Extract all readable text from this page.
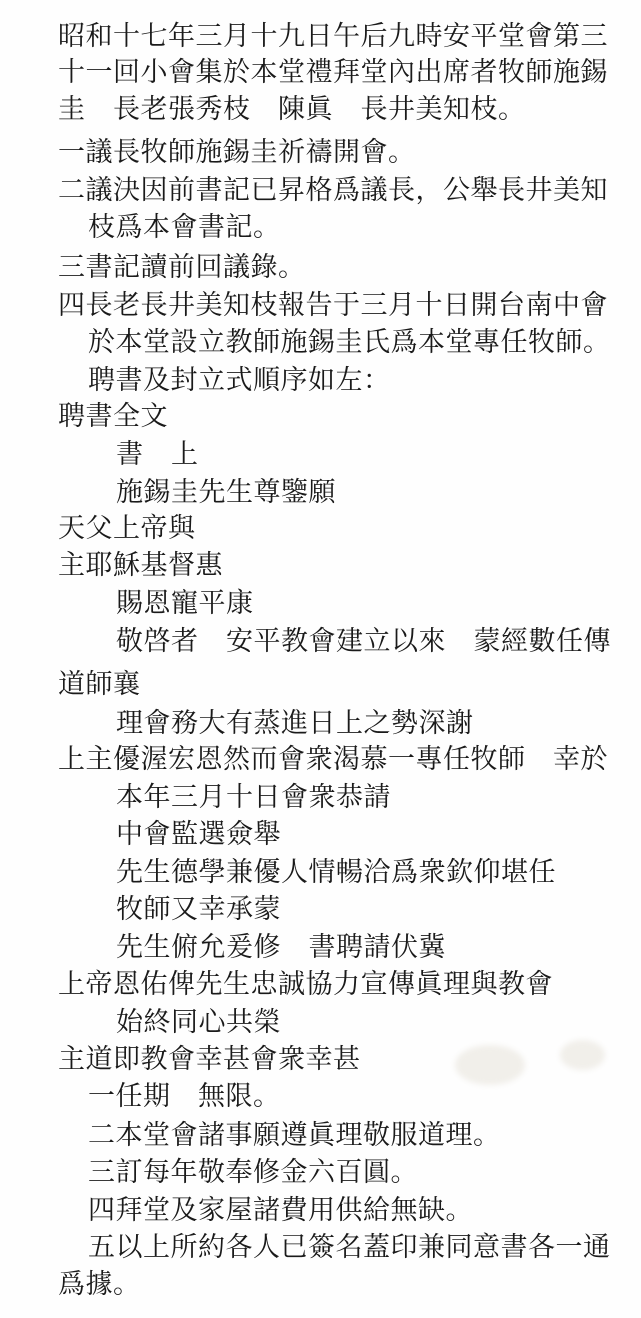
昭和十七年三月十九日午后九時安平堂會第三
十一回小會集於本堂禮拜堂內出席者牧師施錫
圭　長老張秀枝　陳眞　長井美知枝。
一議長牧師施錫圭祈禱開會。
二議決因前書記已昇格爲議長，公舉長井美知
枝爲本會書記。
三書記讀前回議錄。
四長老長井美知枝報告于三月十日開台南中會
於本堂設立教師施錫圭氏爲本堂專任牧師。
聘書及封立式順序如左：
聘書全文
書　上
施錫圭先生尊鑒願
天父上帝與
主耶穌基督惠
賜恩寵平康
敬啓者　安平教會建立以來　蒙經數任傳
道師襄
理會務大有蒸進日上之勢深謝
上主優渥宏恩然而會衆渴慕一專任牧師　幸於
本年三月十日會衆恭請
中會監選僉舉
先生德學兼優人情暢洽爲衆欽仰堪任
牧師又幸承蒙
先生俯允爰修　書聘請伏冀
上帝恩佑俾先生忠誠協力宣傳眞理與教會
始終同心共榮
主道即教會幸甚會衆幸甚
一任期　無限。
二本堂會諸事願遵眞理敬服道理。
三訂每年敬奉修金六百圓。
四拜堂及家屋諸費用供給無缺。
五以上所約各人已簽名蓋印兼同意書各一通
爲據。
